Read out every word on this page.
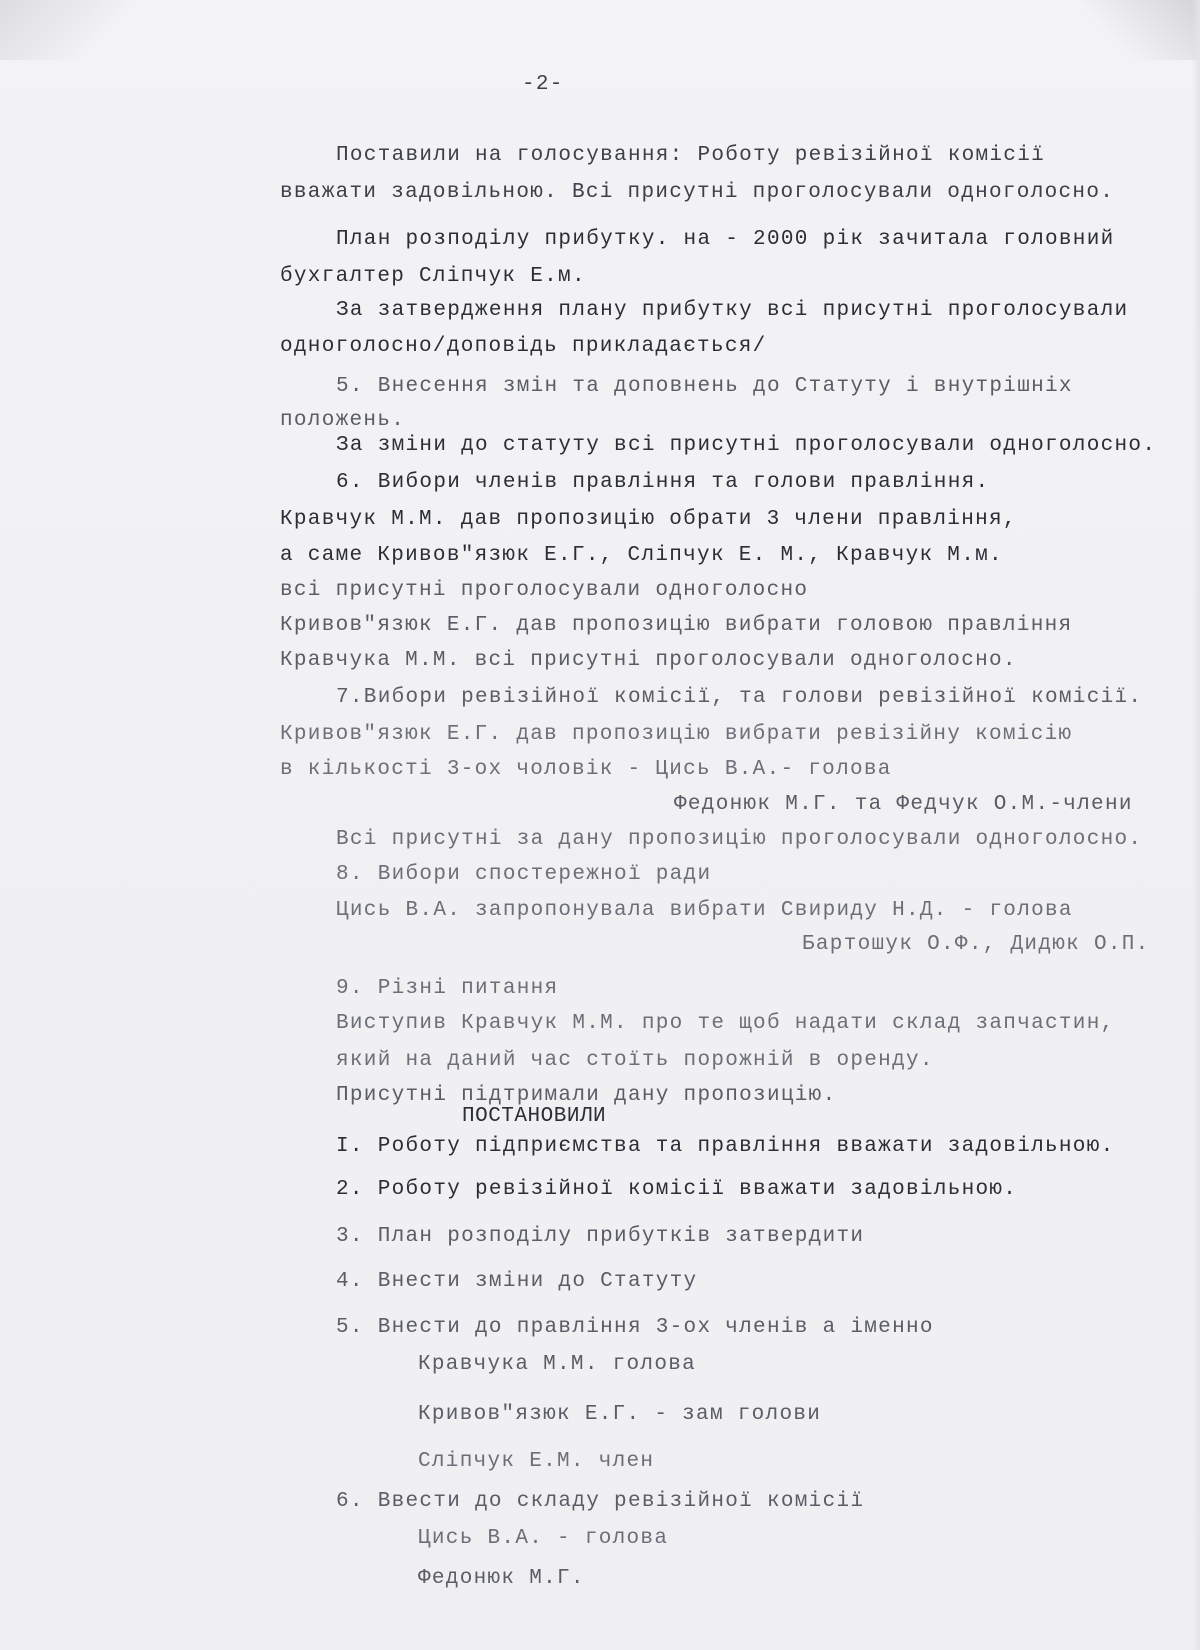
-2-
Поставили на голосування: Роботу ревізійної комісії
вважати задовільною. Всі присутні проголосували одноголосно.
План розподілу прибутку. на - 2000 рік зачитала головний
бухгалтер Сліпчук Е.м.
За затвердження плану прибутку всі присутні проголосували
одноголосно/доповідь прикладається/
5. Внесення змін та доповнень до Статуту і внутрішніх
положень.
За зміни до статуту всі присутні проголосували одноголосно.
6. Вибори членів правління та голови правління.
Кравчук М.М. дав пропозицію обрати 3 члени правління,
а саме Кривов"язюк Е.Г., Сліпчук Е. М., Кравчук М.м.
всі присутні проголосували одноголосно
Кривов"язюк Е.Г. дав пропозицію вибрати головою правління
Кравчука М.М. всі присутні проголосували одноголосно.
7.Вибори ревізійної комісії, та голови ревізійної комісії.
Кривов"язюк Е.Г. дав пропозицію вибрати ревізійну комісію
в кількості 3-ох чоловік - Цись В.А.- голова
Федонюк М.Г. та Федчук О.М.-члени
Всі присутні за дану пропозицію проголосували одноголосно.
8. Вибори спостережної ради
Цись В.А. запропонувала вибрати Свириду Н.Д. - голова
Бартошук О.Ф., Дидюк О.П.
9. Різні питання
Виступив Кравчук М.М. про те щоб надати склад запчастин,
який на даний час стоїть порожній в оренду.
Присутні підтримали дану пропозицію.
ПОСТАНОВИЛИ
I. Роботу підприємства та правління вважати задовільною.
2. Роботу ревізійної комісії вважати задовільною.
3. План розподілу прибутків затвердити
4. Внести зміни до Статуту
5. Внести до правління 3-ох членів а іменно
Кравчука М.М. голова
Кривов"язюк Е.Г. - зам голови
Сліпчук Е.М. член
6. Ввести до складу ревізійної комісії
Цись В.А. - голова
Федонюк М.Г.
